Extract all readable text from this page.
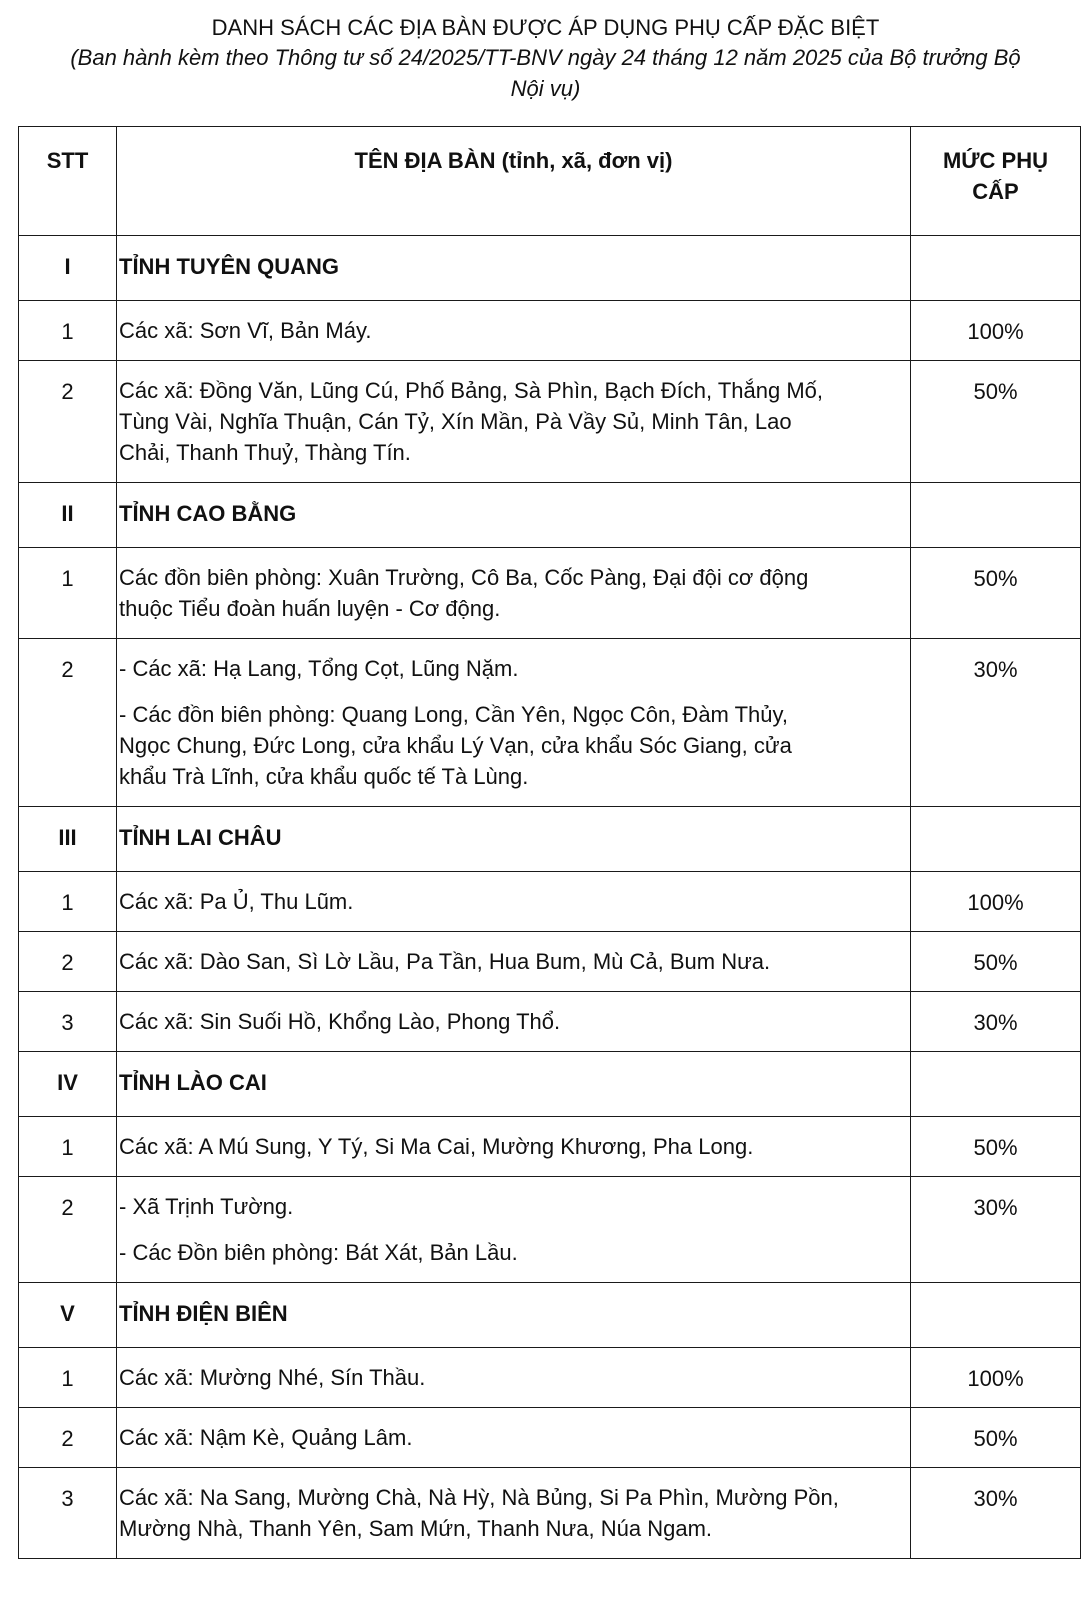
DANH SÁCH CÁC ĐỊA BÀN ĐƯỢC ÁP DỤNG PHỤ CẤP ĐẶC BIỆT
(Ban hành kèm theo Thông tư số 24/2025/TT-BNV ngày 24 tháng 12 năm 2025 của Bộ trưởng Bộ
Nội vụ)
STT	TÊN ĐỊA BÀN (tỉnh, xã, đơn vị)	MỨC PHỤ
CẤP

I	TỈNH TUYÊN QUANG	

1	Các xã: Sơn Vĩ, Bản Máy.	100%
2	Các xã: Đồng Văn, Lũng Cú, Phố Bảng, Sà Phìn, Bạch Đích, Thắng Mố,
Tùng Vài, Nghĩa Thuận, Cán Tỷ, Xín Mần, Pà Vầy Sủ, Minh Tân, Lao
Chải, Thanh Thuỷ, Thàng Tín.	50%
II	TỈNH CAO BẰNG	

1	Các đồn biên phòng: Xuân Trường, Cô Ba, Cốc Pàng, Đại đội cơ động
thuộc Tiểu đoàn huấn luyện - Cơ động.	50%
2	- Các xã: Hạ Lang, Tổng Cọt, Lũng Nặm.
- Các đồn biên phòng: Quang Long, Cần Yên, Ngọc Côn, Đàm Thủy,
Ngọc Chung, Đức Long, cửa khẩu Lý Vạn, cửa khẩu Sóc Giang, cửa
khẩu Trà Lĩnh, cửa khẩu quốc tế Tà Lùng.	30%
III	TỈNH LAI CHÂU	

1	Các xã: Pa Ủ, Thu Lũm.	100%
2	Các xã: Dào San, Sì Lờ Lầu, Pa Tần, Hua Bum, Mù Cả, Bum Nưa.	50%
3	Các xã: Sin Suối Hồ, Khổng Lào, Phong Thổ.	30%
IV	TỈNH LÀO CAI	

1	Các xã: A Mú Sung, Y Tý, Si Ma Cai, Mường Khương, Pha Long.	50%
2	- Xã Trịnh Tường.
- Các Đồn biên phòng: Bát Xát, Bản Lầu.	30%
V	TỈNH ĐIỆN BIÊN	

1	Các xã: Mường Nhé, Sín Thầu.	100%
2	Các xã: Nậm Kè, Quảng Lâm.	50%
3	Các xã: Na Sang, Mường Chà, Nà Hỳ, Nà Bủng, Si Pa Phìn, Mường Pồn,
Mường Nhà, Thanh Yên, Sam Mứn, Thanh Nưa, Núa Ngam.	30%
